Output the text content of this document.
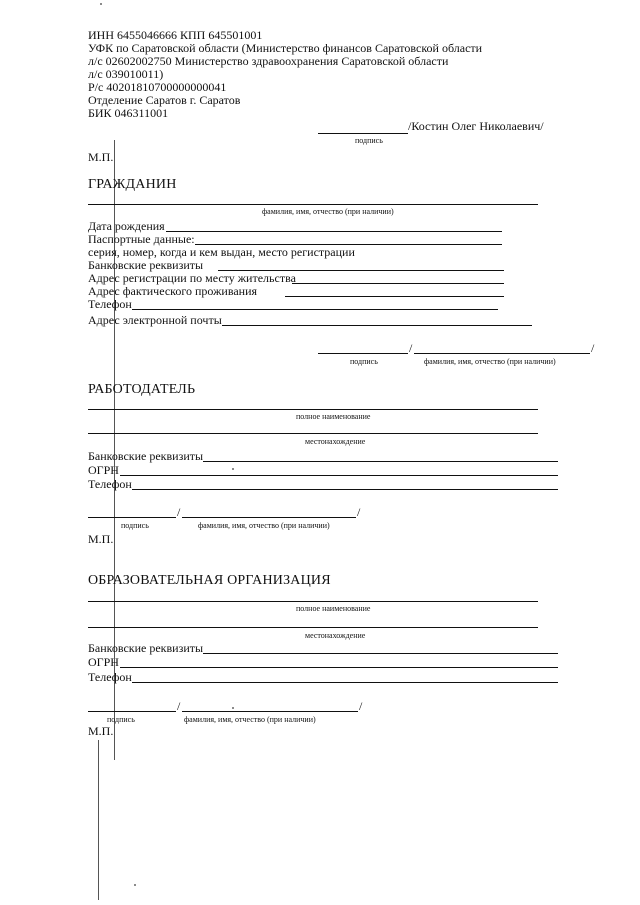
ИНН 6455046666 КПП 645501001
УФК по Саратовской области (Министерство финансов Саратовской области
л/с 02602002750 Министерство здравоохранения Саратовской области
л/с 039010011)
Р/с 40201810700000000041
Отделение Саратов г. Саратов
БИК 046311001
/Костин Олег Николаевич/
подпись
М.П.
ГРАЖДАНИН
фамилия, имя, отчество (при наличии)
Дата рождения
Паспортные данные:
серия, номер, когда и кем выдан, место регистрации
Банковские реквизиты
Адрес регистрации по месту жительства
Адрес фактического проживания
Телефон
Адрес электронной почты
/	/
подпись	фамилия, имя, отчество (при наличии)
РАБОТОДАТЕЛЬ
полное наименование
местонахождение
Банковские реквизиты
ОГРН
Телефон
/	/
подпись	фамилия, имя, отчество (при наличии)
М.П.
ОБРАЗОВАТЕЛЬНАЯ ОРГАНИЗАЦИЯ
полное наименование
местонахождение
Банковские реквизиты
ОГРН
Телефон
/	/
подпись	фамилия, имя, отчество (при наличии)
М.П.
